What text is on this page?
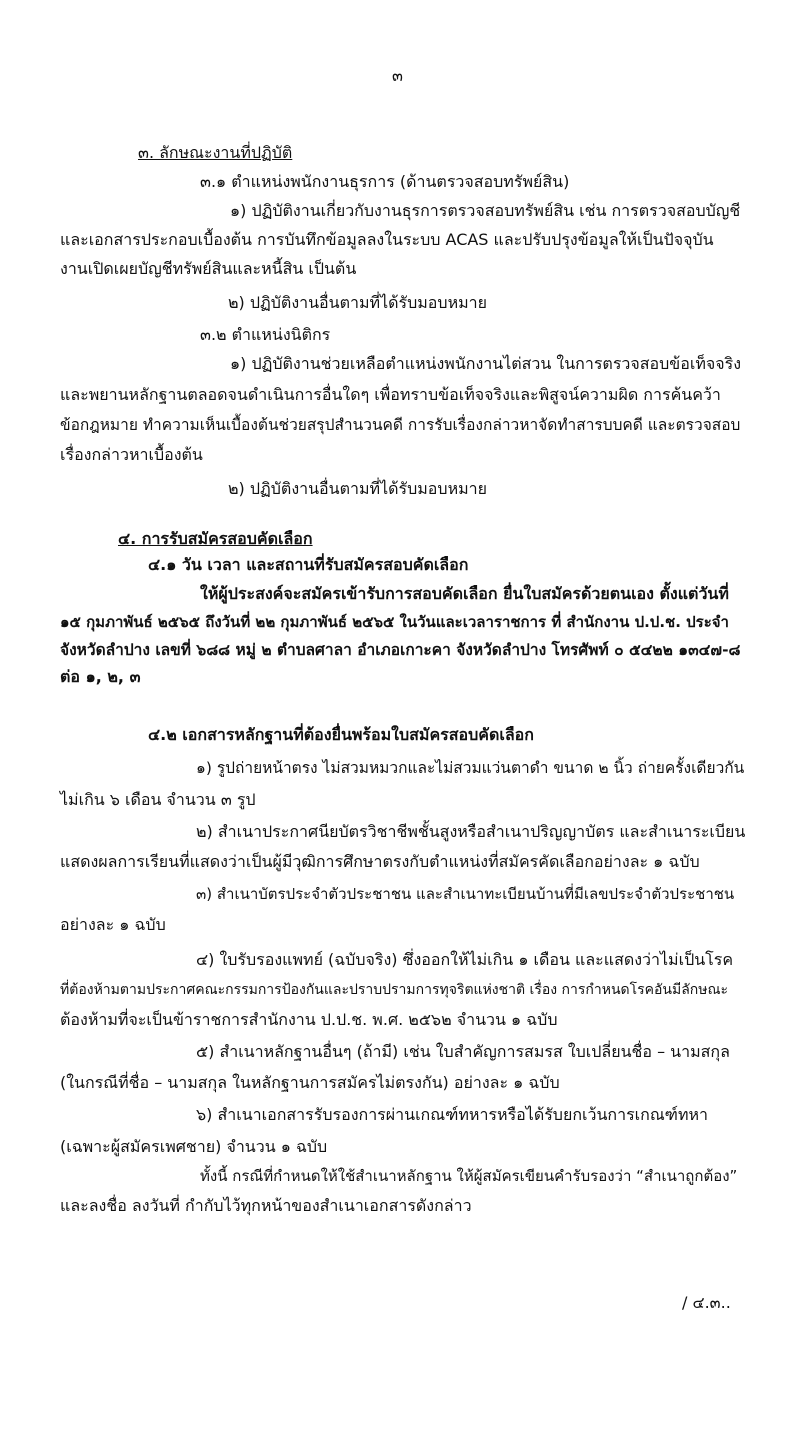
๓
๓. ลักษณะงานที่ปฏิบัติ
๓.๑ ตำแหน่งพนักงานธุรการ (ด้านตรวจสอบทรัพย์สิน)
๑) ปฏิบัติงานเกี่ยวกับงานธุรการตรวจสอบทรัพย์สิน เช่น การตรวจสอบบัญชี
และเอกสารประกอบเบื้องต้น การบันทึกข้อมูลลงในระบบ ACAS และปรับปรุงข้อมูลให้เป็นปัจจุบัน
งานเปิดเผยบัญชีทรัพย์สินและหนี้สิน เป็นต้น
๒) ปฏิบัติงานอื่นตามที่ได้รับมอบหมาย
๓.๒ ตำแหน่งนิติกร
๑) ปฏิบัติงานช่วยเหลือตำแหน่งพนักงานไต่สวน ในการตรวจสอบข้อเท็จจริง
และพยานหลักฐานตลอดจนดำเนินการอื่นใดๆ เพื่อทราบข้อเท็จจริงและพิสูจน์ความผิด การค้นคว้า
ข้อกฎหมาย ทำความเห็นเบื้องต้นช่วยสรุปสำนวนคดี การรับเรื่องกล่าวหาจัดทำสารบบคดี และตรวจสอบ
เรื่องกล่าวหาเบื้องต้น
๒) ปฏิบัติงานอื่นตามที่ได้รับมอบหมาย
๔. การรับสมัครสอบคัดเลือก
๔.๑ วัน เวลา และสถานที่รับสมัครสอบคัดเลือก
ให้ผู้ประสงค์จะสมัครเข้ารับการสอบคัดเลือก ยื่นใบสมัครด้วยตนเอง ตั้งแต่วันที่
๑๕ กุมภาพันธ์ ๒๕๖๕ ถึงวันที่ ๒๒ กุมภาพันธ์ ๒๕๖๕ ในวันและเวลาราชการ ที่ สำนักงาน ป.ป.ช. ประจำ
จังหวัดลำปาง เลขที่ ๖๘๘ หมู่ ๒ ตำบลศาลา อำเภอเกาะคา จังหวัดลำปาง โทรศัพท์ ๐ ๕๔๒๒ ๑๓๔๗-๘
ต่อ ๑, ๒, ๓
๔.๒ เอกสารหลักฐานที่ต้องยื่นพร้อมใบสมัครสอบคัดเลือก
๑) รูปถ่ายหน้าตรง ไม่สวมหมวกและไม่สวมแว่นตาดำ ขนาด ๒ นิ้ว ถ่ายครั้งเดียวกัน
ไม่เกิน ๖ เดือน จำนวน ๓ รูป
๒) สำเนาประกาศนียบัตรวิชาชีพชั้นสูงหรือสำเนาปริญญาบัตร และสำเนาระเบียน
แสดงผลการเรียนที่แสดงว่าเป็นผู้มีวุฒิการศึกษาตรงกับตำแหน่งที่สมัครคัดเลือกอย่างละ ๑ ฉบับ
๓) สำเนาบัตรประจำตัวประชาชน และสำเนาทะเบียนบ้านที่มีเลขประจำตัวประชาชน
อย่างละ ๑ ฉบับ
๔) ใบรับรองแพทย์ (ฉบับจริง) ซึ่งออกให้ไม่เกิน ๑ เดือน และแสดงว่าไม่เป็นโรค
ที่ต้องห้ามตามประกาศคณะกรรมการป้องกันและปราบปรามการทุจริตแห่งชาติ เรื่อง การกำหนดโรคอันมีลักษณะ
ต้องห้ามที่จะเป็นข้าราชการสำนักงาน ป.ป.ช. พ.ศ. ๒๕๖๒ จำนวน ๑ ฉบับ
๕) สำเนาหลักฐานอื่นๆ (ถ้ามี) เช่น ใบสำคัญการสมรส ใบเปลี่ยนชื่อ – นามสกุล
(ในกรณีที่ชื่อ – นามสกุล ในหลักฐานการสมัครไม่ตรงกัน) อย่างละ ๑ ฉบับ
๖) สำเนาเอกสารรับรองการผ่านเกณฑ์ทหารหรือได้รับยกเว้นการเกณฑ์ทหา
(เฉพาะผู้สมัครเพศชาย) จำนวน ๑ ฉบับ
ทั้งนี้ กรณีที่กำหนดให้ใช้สำเนาหลักฐาน ให้ผู้สมัครเขียนคำรับรองว่า “สำเนาถูกต้อง”
และลงชื่อ ลงวันที่ กำกับไว้ทุกหน้าของสำเนาเอกสารดังกล่าว
/ ๔.๓..
